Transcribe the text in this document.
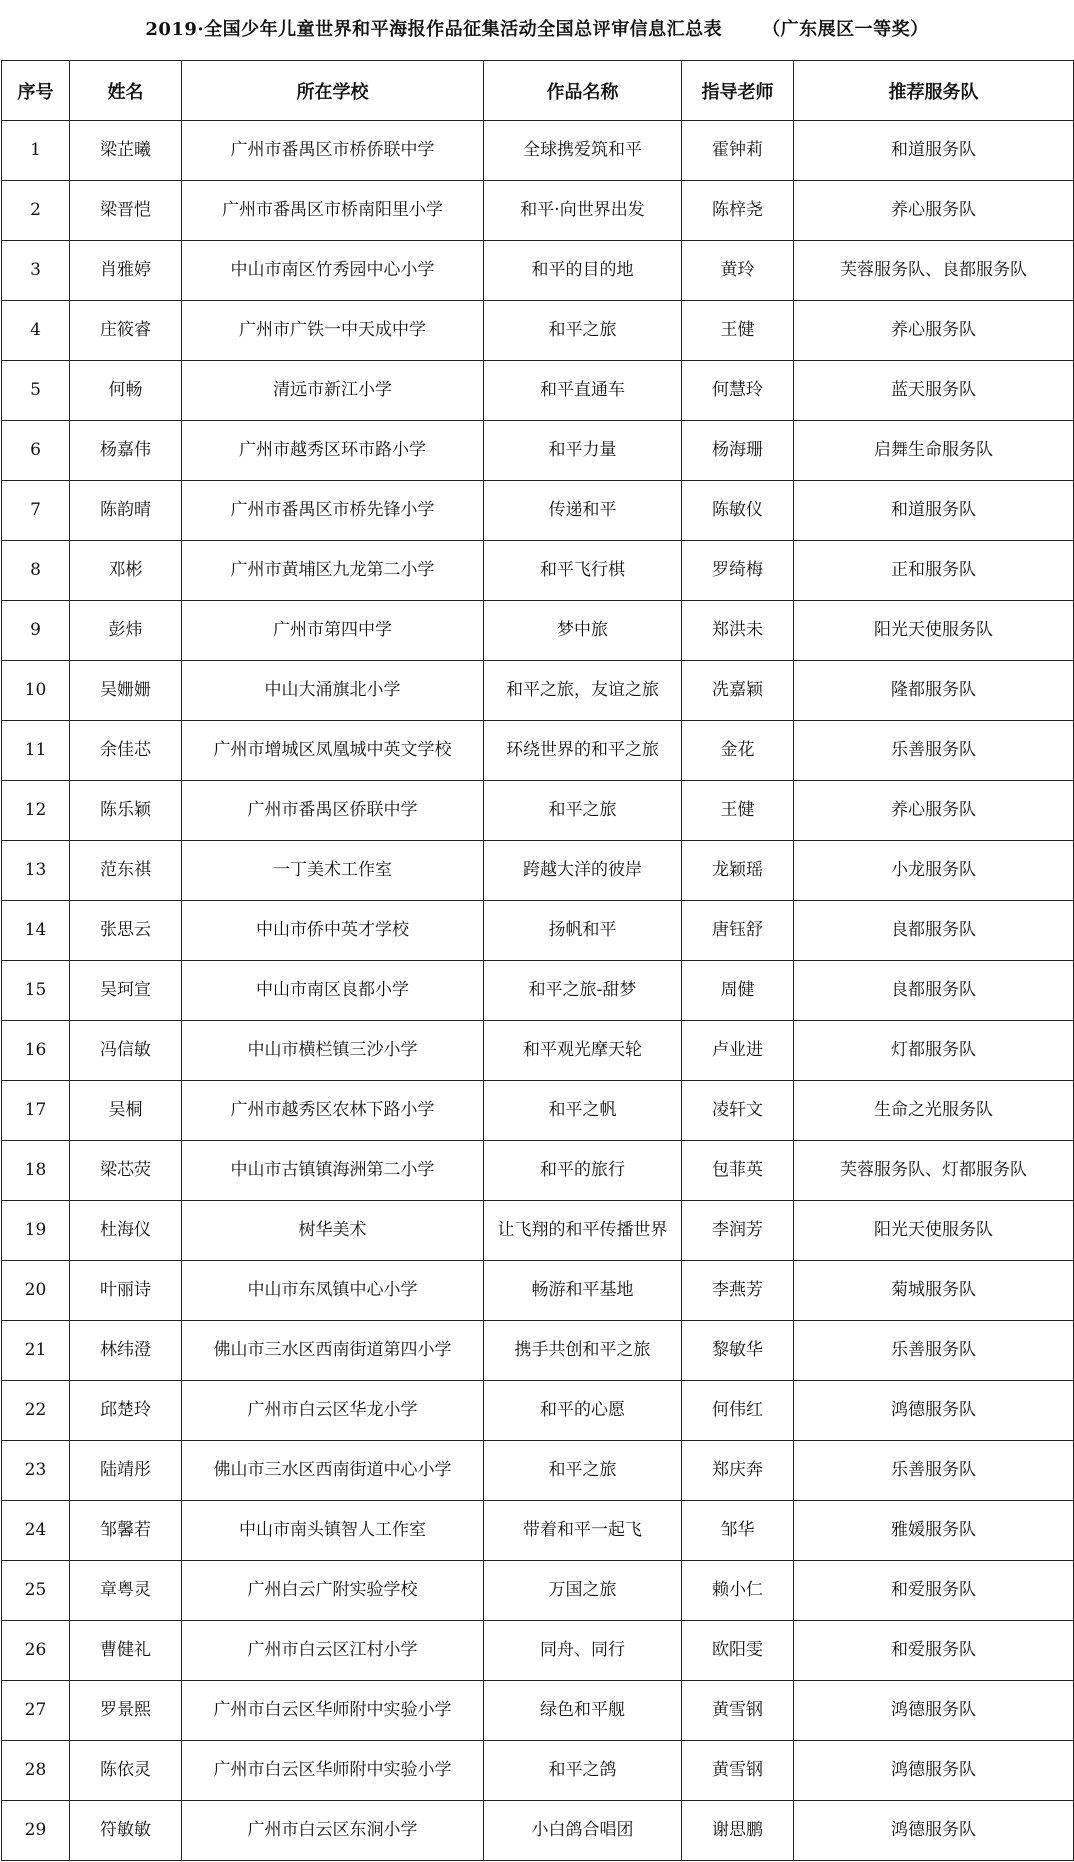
2019·全国少年儿童世界和平海报作品征集活动全国总评审信息汇总表 （广东展区一等奖）
序号	姓名	所在学校	作品名称	指导老师	推荐服务队
1	梁芷曦	广州市番禺区市桥侨联中学	全球携爱筑和平	霍钟莉	和道服务队
2	梁晋恺	广州市番禺区市桥南阳里小学	和平·向世界出发	陈梓尧	养心服务队
3	肖雅婷	中山市南区竹秀园中心小学	和平的目的地	黄玲	芙蓉服务队、良都服务队
4	庄筱睿	广州市广铁一中天成中学	和平之旅	王健	养心服务队
5	何畅	清远市新江小学	和平直通车	何慧玲	蓝天服务队
6	杨嘉伟	广州市越秀区环市路小学	和平力量	杨海珊	启舞生命服务队
7	陈韵晴	广州市番禺区市桥先锋小学	传递和平	陈敏仪	和道服务队
8	邓彬	广州市黄埔区九龙第二小学	和平飞行棋	罗绮梅	正和服务队
9	彭炜	广州市第四中学	梦中旅	郑洪未	阳光天使服务队
10	吴姗姗	中山大涌旗北小学	和平之旅，友谊之旅	冼嘉颖	隆都服务队
11	余佳芯	广州市增城区凤凰城中英文学校	环绕世界的和平之旅	金花	乐善服务队
12	陈乐颖	广州市番禺区侨联中学	和平之旅	王健	养心服务队
13	范东祺	一丁美术工作室	跨越大洋的彼岸	龙颖瑶	小龙服务队
14	张思云	中山市侨中英才学校	扬帆和平	唐钰舒	良都服务队
15	吴珂宣	中山市南区良都小学	和平之旅-甜梦	周健	良都服务队
16	冯信敏	中山市横栏镇三沙小学	和平观光摩天轮	卢业进	灯都服务队
17	吴桐	广州市越秀区农林下路小学	和平之帆	凌轩文	生命之光服务队
18	梁芯荧	中山市古镇镇海洲第二小学	和平的旅行	包菲英	芙蓉服务队、灯都服务队
19	杜海仪	树华美术	让飞翔的和平传播世界	李润芳	阳光天使服务队
20	叶丽诗	中山市东凤镇中心小学	畅游和平基地	李燕芳	菊城服务队
21	林纬澄	佛山市三水区西南街道第四小学	携手共创和平之旅	黎敏华	乐善服务队
22	邱楚玲	广州市白云区华龙小学	和平的心愿	何伟红	鸿德服务队
23	陆靖彤	佛山市三水区西南街道中心小学	和平之旅	郑庆奔	乐善服务队
24	邹馨若	中山市南头镇智人工作室	带着和平一起飞	邹华	雅媛服务队
25	章粤灵	广州白云广附实验学校	万国之旅	赖小仁	和爱服务队
26	曹健礼	广州市白云区江村小学	同舟、同行	欧阳雯	和爱服务队
27	罗景熙	广州市白云区华师附中实验小学	绿色和平舰	黄雪钢	鸿德服务队
28	陈依灵	广州市白云区华师附中实验小学	和平之鸽	黄雪钢	鸿德服务队
29	符敏敏	广州市白云区东涧小学	小白鸽合唱团	谢思鹏	鸿德服务队
